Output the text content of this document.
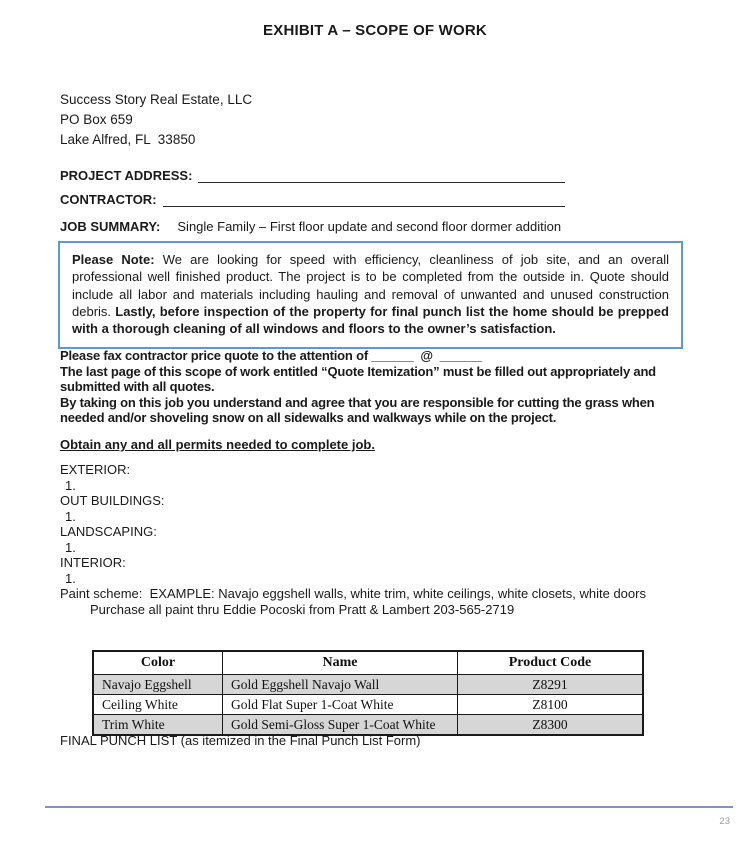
EXHIBIT A – SCOPE OF WORK
Success Story Real Estate, LLC
PO Box 659
Lake Alfred, FL  33850
PROJECT ADDRESS:
CONTRACTOR:
JOB SUMMARY: Single Family – First floor update and second floor dormer addition
Please Note: We are looking for speed with efficiency, cleanliness of job site, and an overall professional well finished product. The project is to be completed from the outside in. Quote should include all labor and materials including hauling and removal of unwanted and unused construction debris. Lastly, before inspection of the property for final punch list the home should be prepped with a thorough cleaning of all windows and floors to the owner’s satisfaction.
Please fax contractor price quote to the attention of ______  @  ______
The last page of this scope of work entitled “Quote Itemization” must be filled out appropriately and submitted with all quotes.
By taking on this job you understand and agree that you are responsible for cutting the grass when needed and/or shoveling snow on all sidewalks and walkways while on the project.
Obtain any and all permits needed to complete job.
EXTERIOR:
1.
OUT BUILDINGS:
1.
LANDSCAPING:
1.
INTERIOR:
1.
Paint scheme:  EXAMPLE: Navajo eggshell walls, white trim, white ceilings, white closets, white doors
Purchase all paint thru Eddie Pocoski from Pratt & Lambert 203-565-2719
Color	Name	Product Code
Navajo Eggshell	Gold Eggshell Navajo Wall	Z8291
Ceiling White	Gold Flat Super 1-Coat White	Z8100
Trim White	Gold Semi-Gloss Super 1-Coat White	Z8300
FINAL PUNCH LIST (as itemized in the Final Punch List Form)
23
